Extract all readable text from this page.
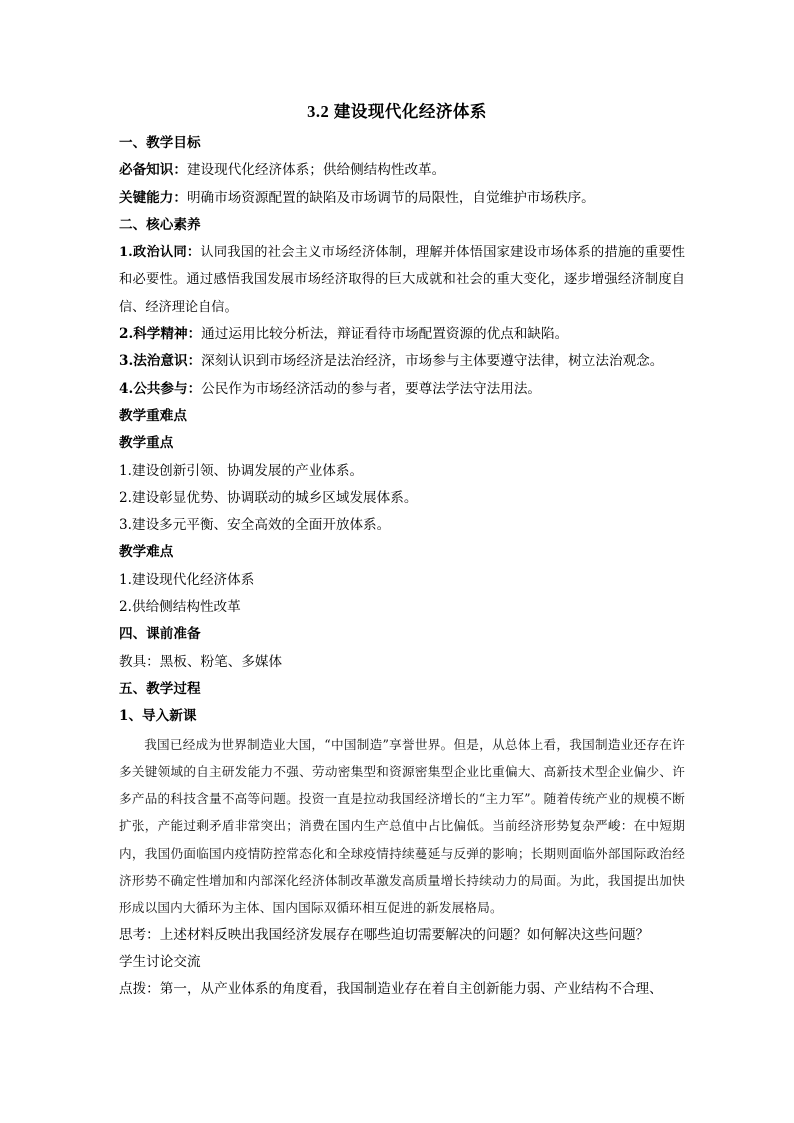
3.2 建设现代化经济体系
一、教学目标
必备知识：建设现代化经济体系；供给侧结构性改革。
关键能力：明确市场资源配置的缺陷及市场调节的局限性，自觉维护市场秩序。
二、核心素养
1.政治认同：认同我国的社会主义市场经济体制，理解并体悟国家建设市场体系的措施的重要性和必要性。通过感悟我国发展市场经济取得的巨大成就和社会的重大变化，逐步增强经济制度自信、经济理论自信。
2.科学精神：通过运用比较分析法，辩证看待市场配置资源的优点和缺陷。
3.法治意识：深刻认识到市场经济是法治经济，市场参与主体要遵守法律，树立法治观念。
4.公共参与：公民作为市场经济活动的参与者，要尊法学法守法用法。
教学重难点
教学重点
1.建设创新引领、协调发展的产业体系。
2.建设彰显优势、协调联动的城乡区域发展体系。
3.建设多元平衡、安全高效的全面开放体系。
教学难点
1.建设现代化经济体系
2.供给侧结构性改革
四、课前准备
教具：黑板、粉笔、多媒体
五、教学过程
1、导入新课
我国已经成为世界制造业大国，“中国制造”享誉世界。但是，从总体上看，我国制造业还存在许多关键领域的自主研发能力不强、劳动密集型和资源密集型企业比重偏大、高新技术型企业偏少、许多产品的科技含量不高等问题。投资一直是拉动我国经济增长的“主力军”。随着传统产业的规模不断扩张，产能过剩矛盾非常突出；消费在国内生产总值中占比偏低。当前经济形势复杂严峻：在中短期内，我国仍面临国内疫情防控常态化和全球疫情持续蔓延与反弹的影响；长期则面临外部国际政治经济形势不确定性增加和内部深化经济体制改革激发高质量增长持续动力的局面。为此，我国提出加快形成以国内大循环为主体、国内国际双循环相互促进的新发展格局。
思考：上述材料反映出我国经济发展存在哪些迫切需要解决的问题？如何解决这些问题？
学生讨论交流
点拨：第一，从产业体系的角度看，我国制造业存在着自主创新能力弱、产业结构不合理、
